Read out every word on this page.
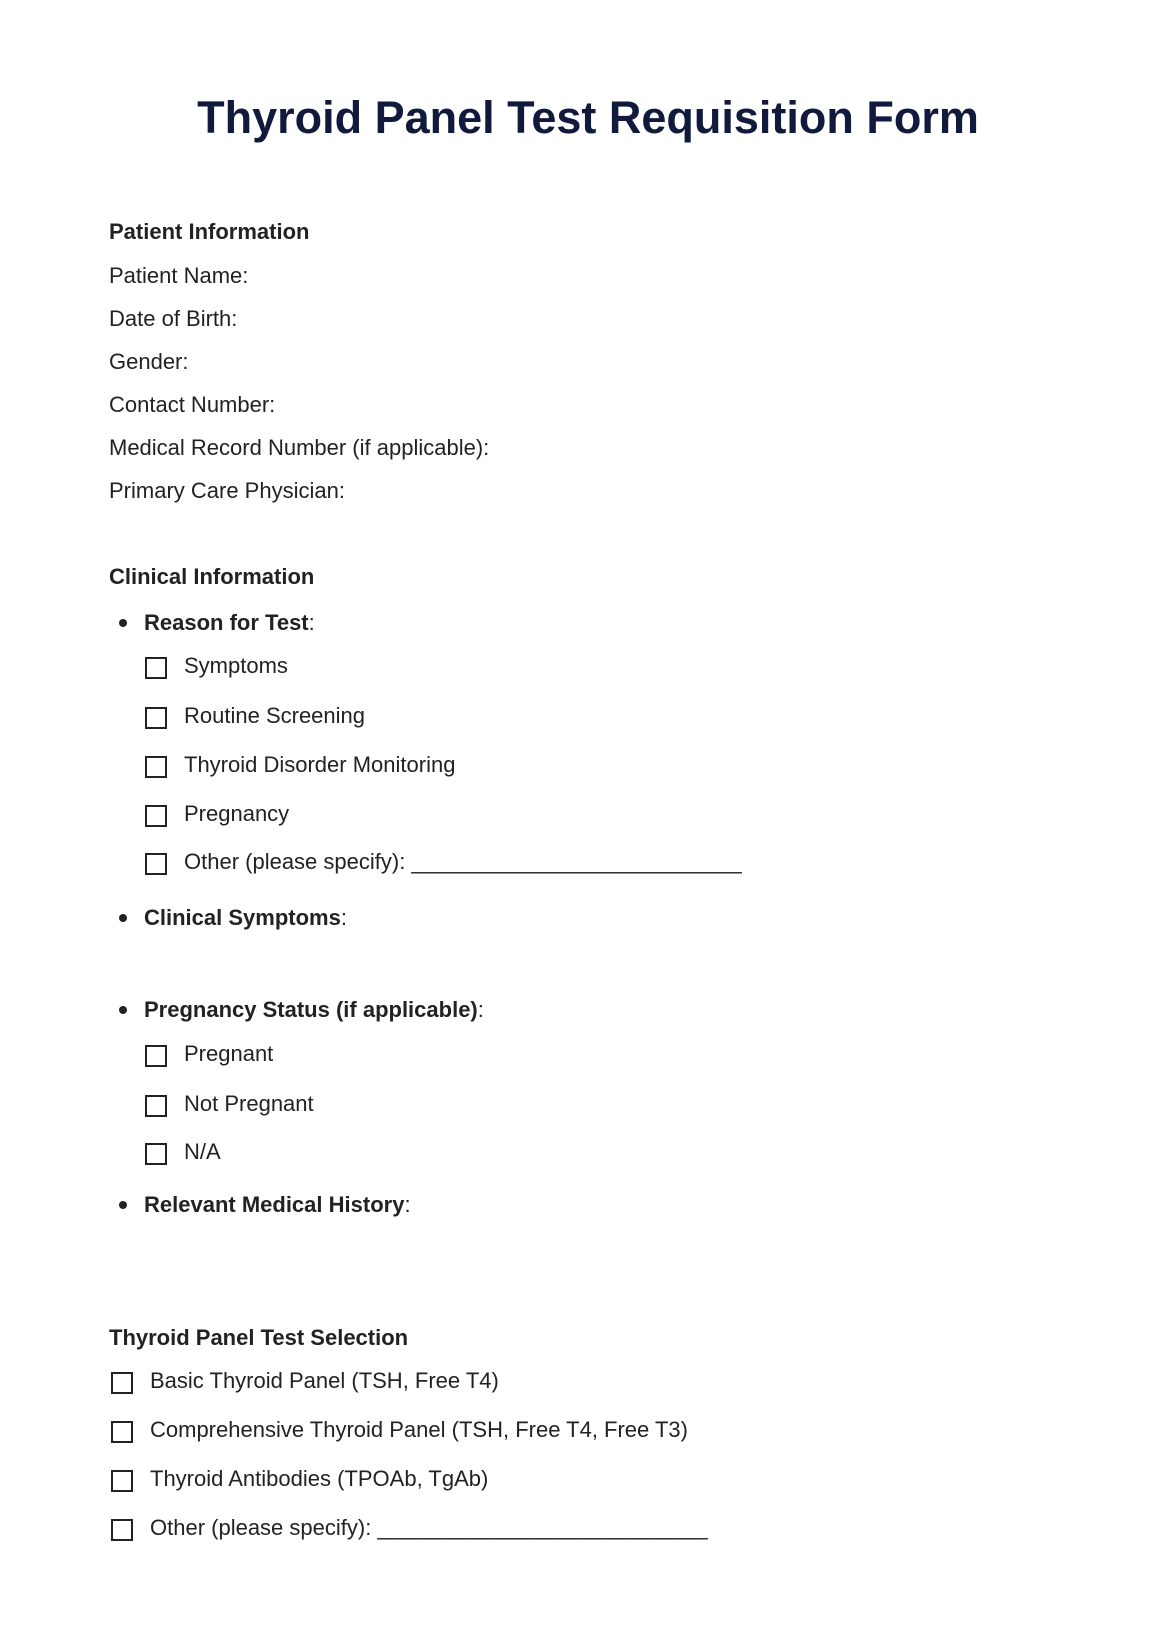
Thyroid Panel Test Requisition Form
Patient Information
Patient Name:
Date of Birth:
Gender:
Contact Number:
Medical Record Number (if applicable):
Primary Care Physician:
Clinical Information
Reason for Test:
Symptoms
Routine Screening
Thyroid Disorder Monitoring
Pregnancy
Other (please specify): ___________________________
Clinical Symptoms:
Pregnancy Status (if applicable):
Pregnant
Not Pregnant
N/A
Relevant Medical History:
Thyroid Panel Test Selection
Basic Thyroid Panel (TSH, Free T4)
Comprehensive Thyroid Panel (TSH, Free T4, Free T3)
Thyroid Antibodies (TPOAb, TgAb)
Other (please specify): ___________________________
